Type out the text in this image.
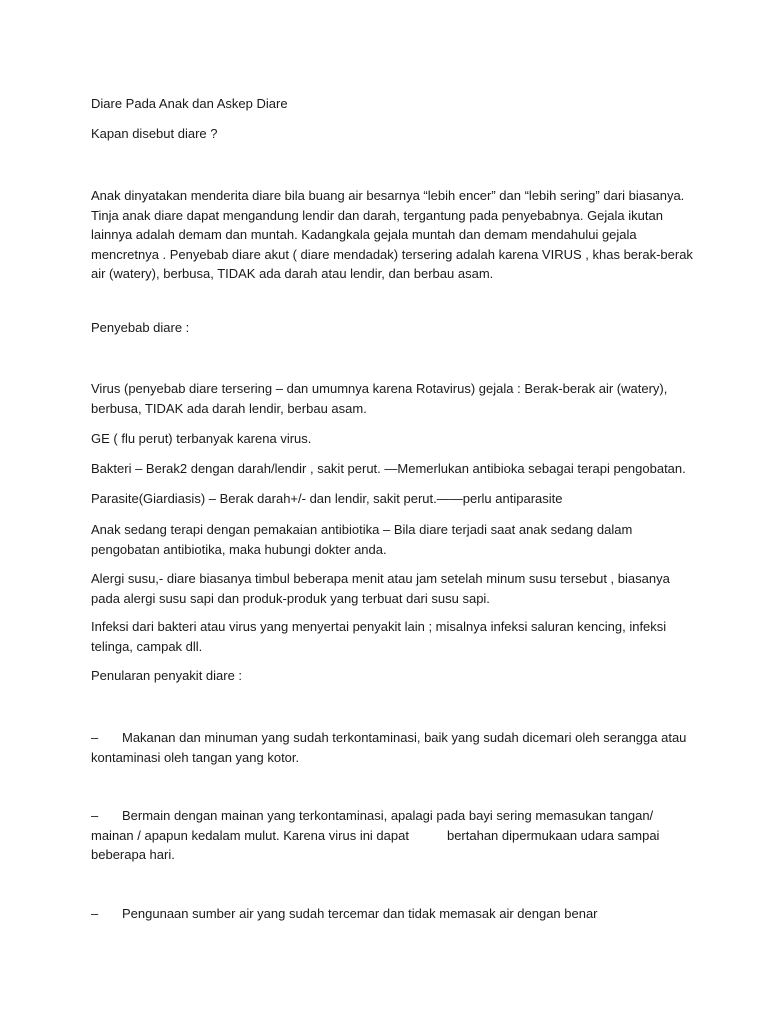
Diare Pada Anak dan Askep Diare

Kapan disebut diare ?

Anak dinyatakan menderita diare bila buang air besarnya “lebih encer” dan “lebih sering” dari biasanya.

Tinja anak diare dapat mengandung lendir dan darah, tergantung pada penyebabnya. Gejala ikutan

lainnya adalah demam dan muntah. Kadangkala gejala muntah dan demam mendahului gejala

mencretnya . Penyebab diare akut ( diare mendadak) tersering adalah karena VIRUS , khas berak-berak

air (watery), berbusa, TIDAK ada darah atau lendir, dan berbau asam.

Penyebab diare :

Virus (penyebab diare tersering – dan umumnya karena Rotavirus) gejala : Berak-berak air (watery),

berbusa, TIDAK ada darah lendir, berbau asam.

GE ( flu perut) terbanyak karena virus.

Bakteri – Berak2 dengan darah/lendir , sakit perut. —Memerlukan antibioka sebagai terapi pengobatan.

Parasite(Giardiasis) – Berak darah+/- dan lendir, sakit perut.——perlu antiparasite

Anak sedang terapi dengan pemakaian antibiotika – Bila diare terjadi saat anak sedang dalam

pengobatan antibiotika, maka hubungi dokter anda.

Alergi susu,- diare biasanya timbul beberapa menit atau jam setelah minum susu tersebut , biasanya

pada alergi susu sapi dan produk-produk yang terbuat dari susu sapi.

Infeksi dari bakteri atau virus yang menyertai penyakit lain ; misalnya infeksi saluran kencing, infeksi

telinga, campak dll.

Penularan penyakit diare :

– Makanan dan minuman yang sudah terkontaminasi, baik yang sudah dicemari oleh serangga atau

kontaminasi oleh tangan yang kotor.

– Bermain dengan mainan yang terkontaminasi, apalagi pada bayi sering memasukan tangan/

mainan / apapun kedalam mulut. Karena virus ini dapat	bertahan dipermukaan udara sampai

beberapa hari.

– Pengunaan sumber air yang sudah tercemar dan tidak memasak air dengan benar
